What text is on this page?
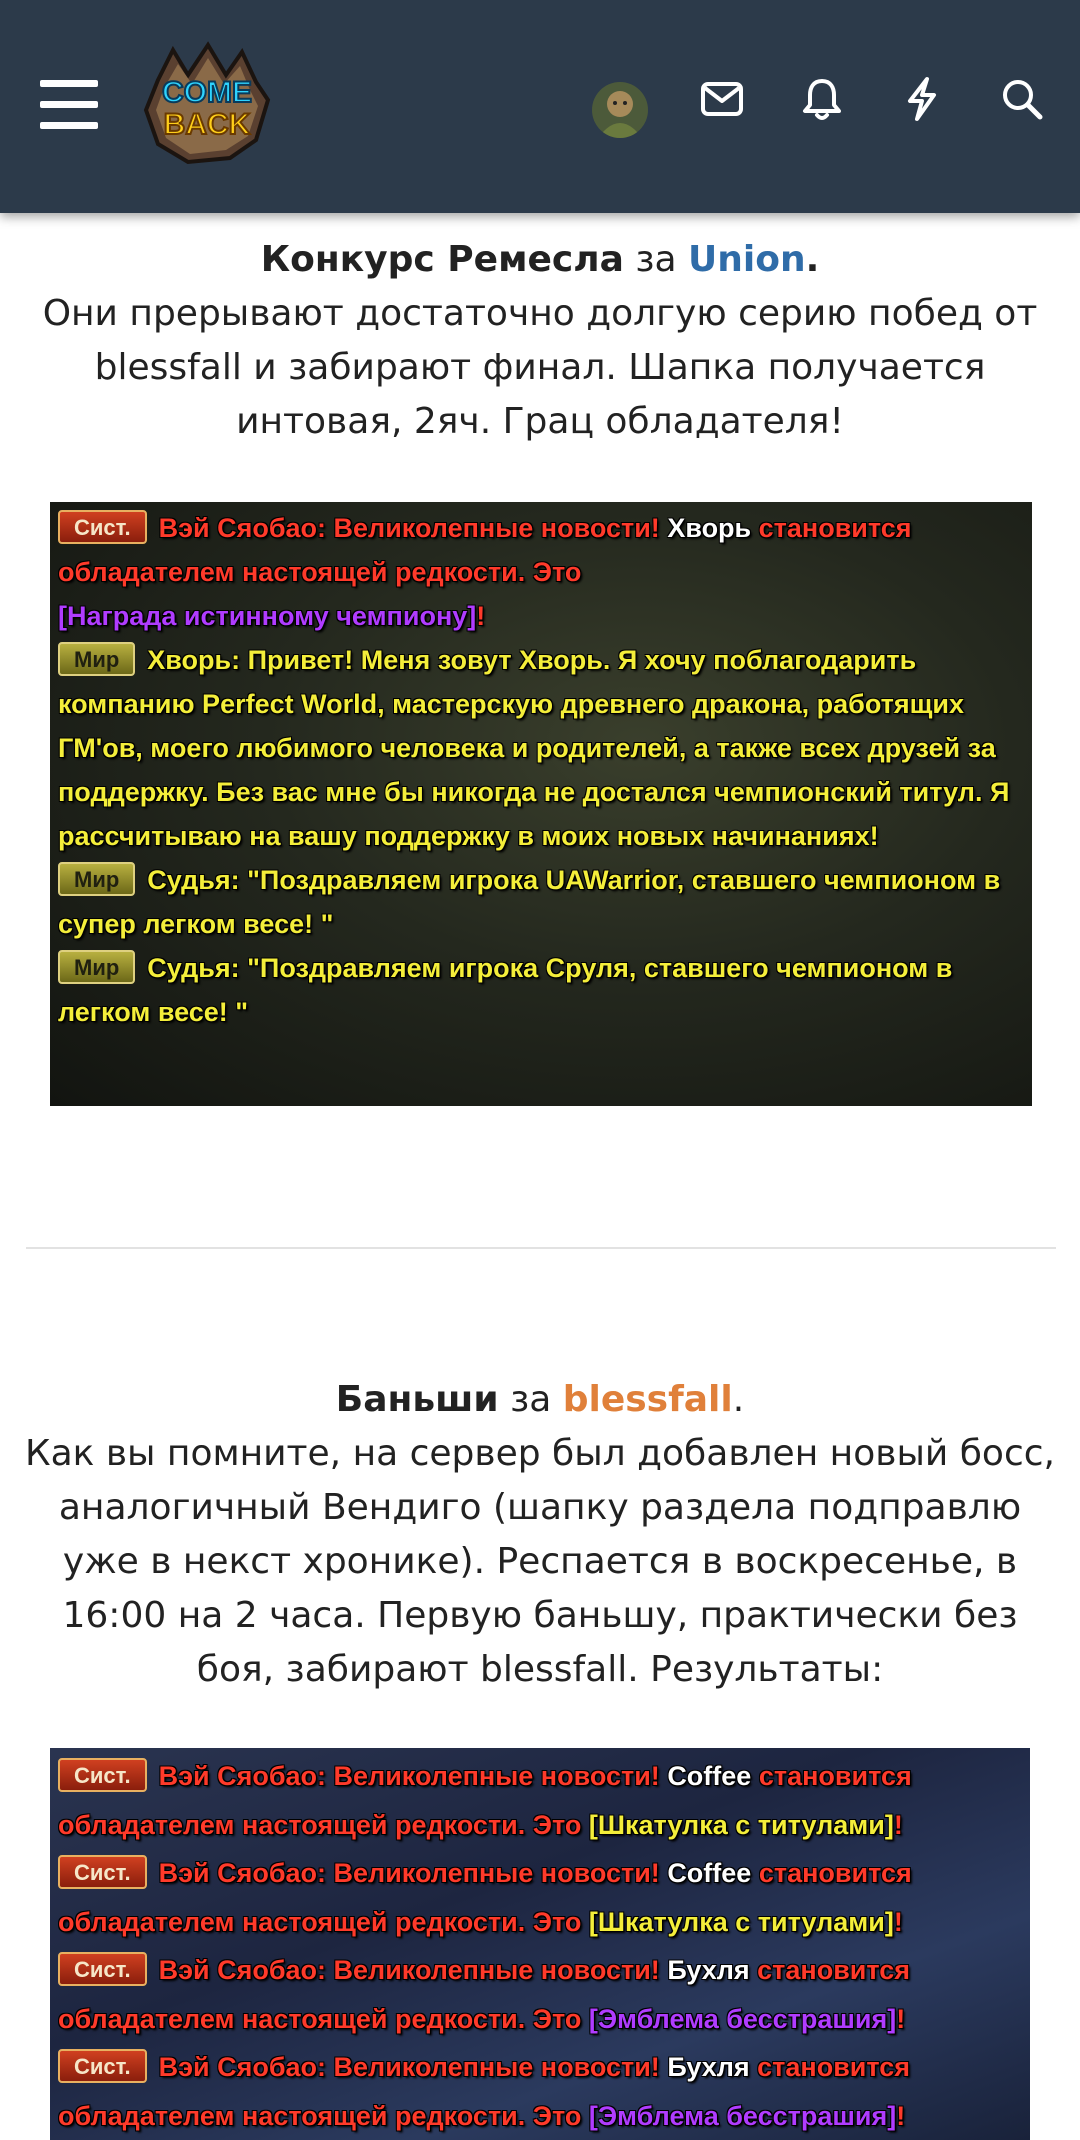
COME
BACK
Конкурс Ремесла за Union.
Они прерывают достаточно долгую серию побед от blessfall и забирают финал. Шапка получается интовая, 2яч. Грац обладателя!
Сист. Вэй Сяобао: Великолепные новости! Хворь становится обладателем настоящей редкости. Это
[Награда истинному чемпиону]!
Мир Хворь: Привет! Меня зовут Хворь. Я хочу поблагодарить компанию Perfect World, мастерскую древнего дракона, работящих ГМ'ов, моего любимого человека и родителей, а также всех друзей за поддержку. Без вас мне бы никогда не достался чемпионский титул. Я рассчитываю на вашу поддержку в моих новых начинаниях!
Мир Судья: "Поздравляем игрока UAWarrior, ставшего чемпионом в супер легком весе! "
Мир Судья: "Поздравляем игрока Сруля, ставшего чемпионом в легком весе! "
Баньши за blessfall.
Как вы помните, на сервер был добавлен новый босс, аналогичный Вендиго (шапку раздела подправлю уже в некст хронике). Респается в воскресенье, в 16:00 на 2 часа. Первую баньшу, практически без боя, забирают blessfall. Результаты:
Сист. Вэй Сяобао: Великолепные новости! Coffee становится обладателем настоящей редкости. Это [Шкатулка с титулами]!
Сист. Вэй Сяобао: Великолепные новости! Coffee становится обладателем настоящей редкости. Это [Шкатулка с титулами]!
Сист. Вэй Сяобао: Великолепные новости! Бухля становится обладателем настоящей редкости. Это [Эмблема бесстрашия]!
Сист. Вэй Сяобао: Великолепные новости! Бухля становится обладателем настоящей редкости. Это [Эмблема бесстрашия]!
